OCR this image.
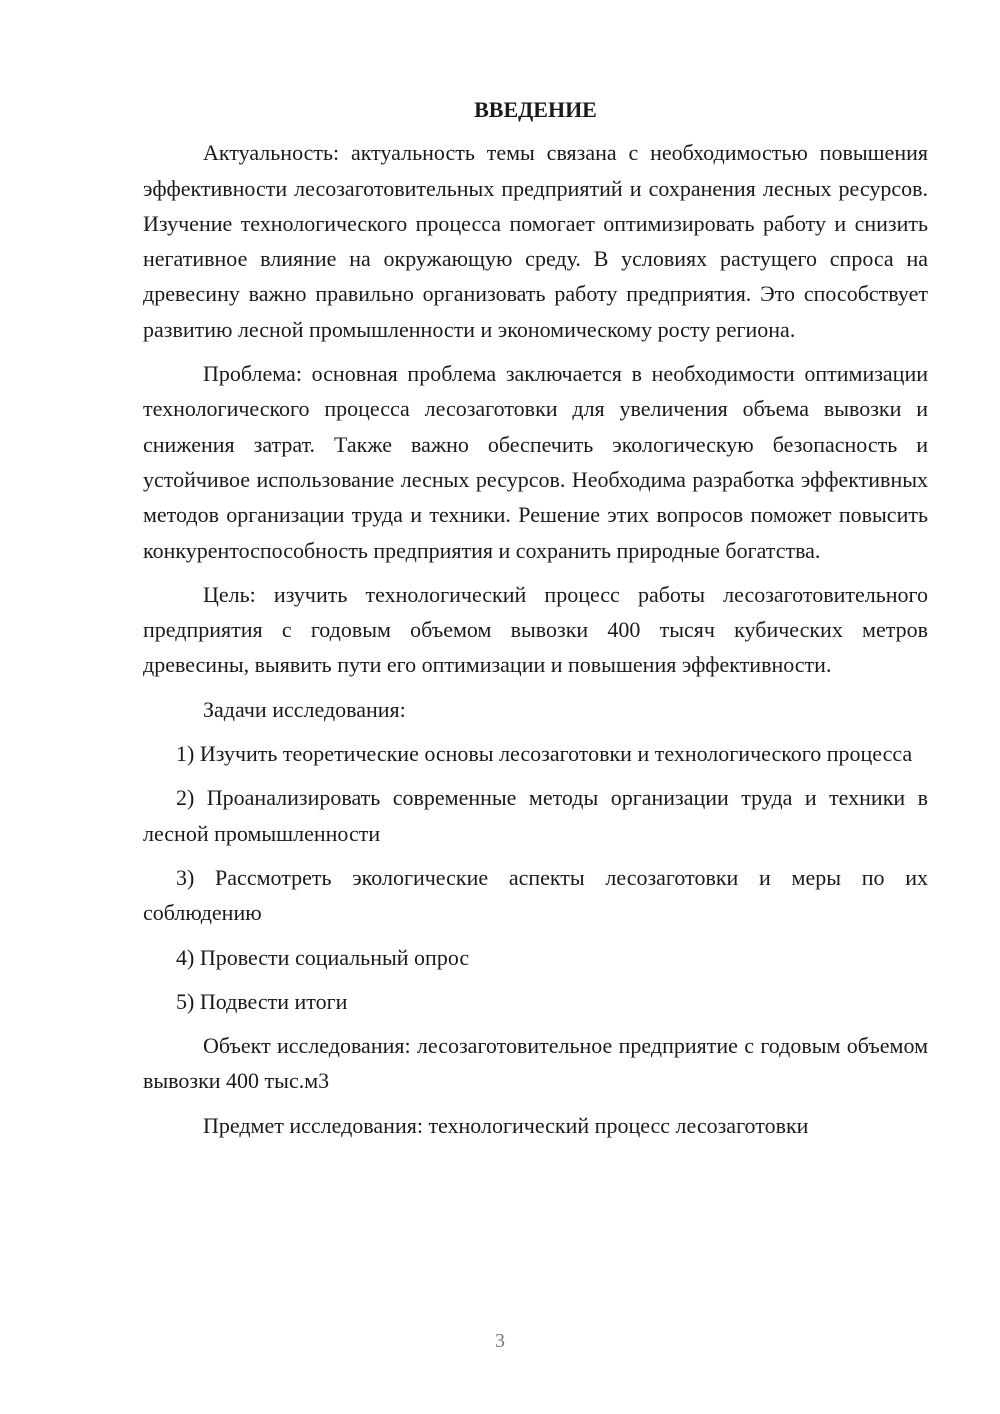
ВВЕДЕНИЕ

Актуальность: актуальность темы связана с необходимостью повышения эффективности лесозаготовительных предприятий и сохранения лесных ресурсов. Изучение технологического процесса помогает оптимизировать работу и снизить негативное влияние на окружающую среду. В условиях растущего спроса на древесину важно правильно организовать работу предприятия. Это способствует развитию лесной промышленности и экономическому росту региона.

Проблема: основная проблема заключается в необходимости оптимизации технологического процесса лесозаготовки для увеличения объема вывозки и снижения затрат. Также важно обеспечить экологическую безопасность и устойчивое использование лесных ресурсов. Необходима разработка эффективных методов организации труда и техники. Решение этих вопросов поможет повысить конкурентоспособность предприятия и сохранить природные богатства.

Цель: изучить технологический процесс работы лесозаготовительного предприятия с годовым объемом вывозки 400 тысяч кубических метров древесины, выявить пути его оптимизации и повышения эффективности.

Задачи исследования:

1) Изучить теоретические основы лесозаготовки и технологического процесса

2) Проанализировать современные методы организации труда и техники в лесной промышленности

3) Рассмотреть экологические аспекты лесозаготовки и меры по их соблюдению

4) Провести социальный опрос

5) Подвести итоги

Объект исследования: лесозаготовительное предприятие с годовым объемом вывозки 400 тыс.м3

Предмет исследования: технологический процесс лесозаготовки

3
